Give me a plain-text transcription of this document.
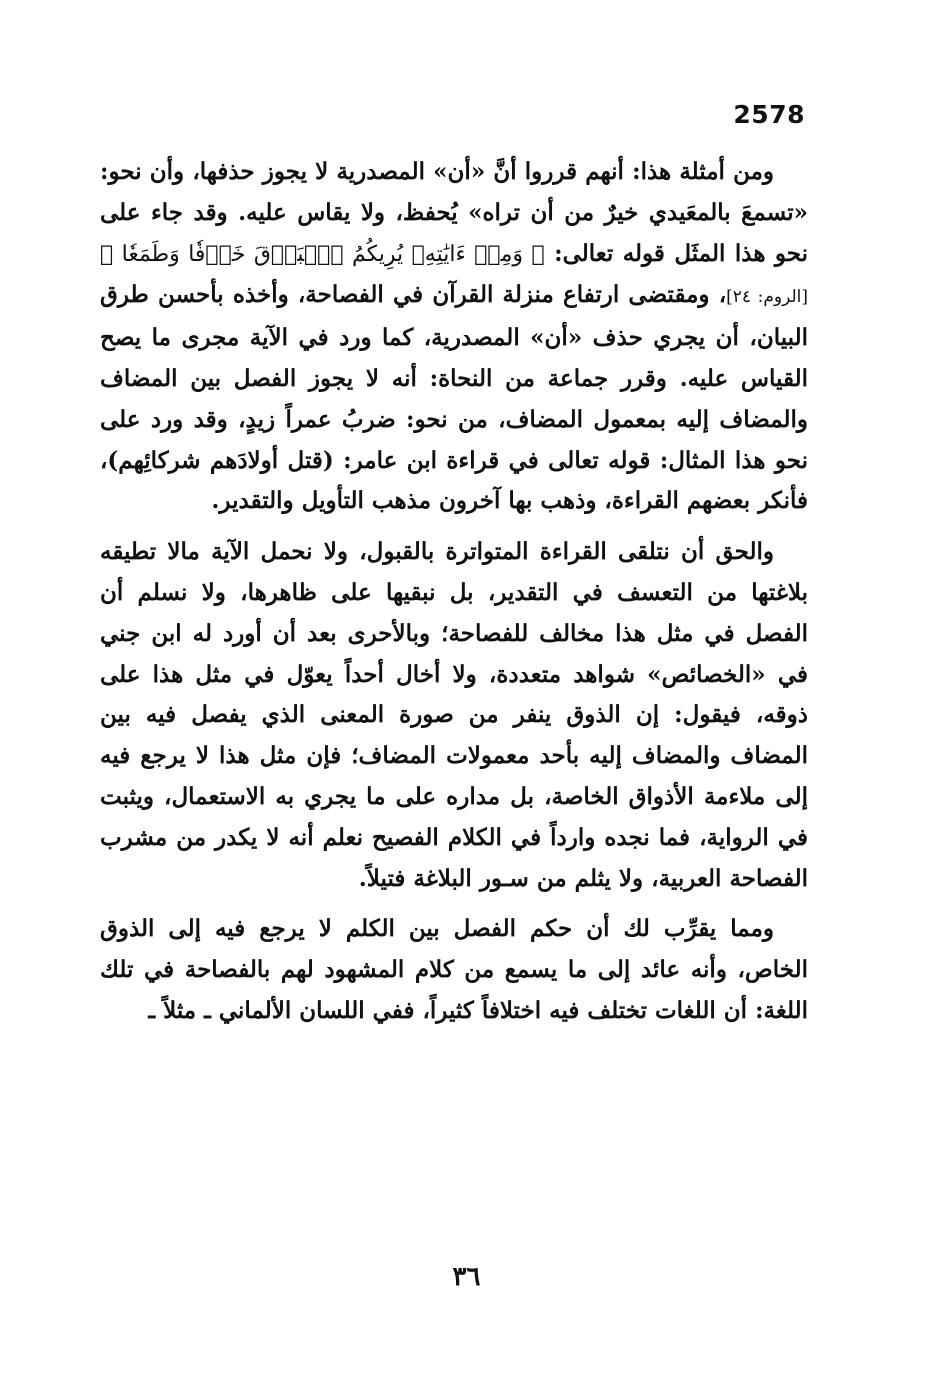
2578

ومن أمثلة هذا: أنهم قرروا أنَّ «أن» المصدرية لا يجوز حذفها، وأن نحو: «تسمعَ بالمعَيدي خيرٌ من أن تراه» يُحفظ، ولا يقاس عليه. وقد جاء على نحو هذا المثَل قوله تعالى: ﴿ وَمِنۡ ءَايَٰتِهِۦ يُرِيكُمُ ٱلۡبَرۡقَ خَوۡفٗا وَطَمَعٗا ﴾[الروم: ٢٤]، ومقتضى ارتفاع منزلة القرآن في الفصاحة، وأخذه بأحسن طرق البيان، أن يجري حذف «أن» المصدرية، كما ورد في الآية مجرى ما يصح القياس عليه. وقرر جماعة من النحاة: أنه لا يجوز الفصل بين المضاف والمضاف إليه بمعمول المضاف، من نحو: ضربُ عمراً زيدٍ، وقد ورد على نحو هذا المثال: قوله تعالى في قراءة ابن عامر: (قتل أولادَهم شركائِهم)، فأنكر بعضهم القراءة، وذهب بها آخرون مذهب التأويل والتقدير.

والحق أن نتلقى القراءة المتواترة بالقبول، ولا نحمل الآية مالا تطيقه بلاغتها من التعسف في التقدير، بل نبقيها على ظاهرها، ولا نسلم أن الفصل في مثل هذا مخالف للفصاحة؛ وبالأحرى بعد أن أورد له ابن جني في «الخصائص» شواهد متعددة، ولا أخال أحداً يعوّل في مثل هذا على ذوقه، فيقول: إن الذوق ينفر من صورة المعنى الذي يفصل فيه بين المضاف والمضاف إليه بأحد معمولات المضاف؛ فإن مثل هذا لا يرجع فيه إلى ملاءمة الأذواق الخاصة، بل مداره على ما يجري به الاستعمال، ويثبت في الرواية، فما نجده وارداً في الكلام الفصيح نعلم أنه لا يكدر من مشرب الفصاحة العربية، ولا يثلم من سـور البلاغة فتيلاً.

ومما يقرِّب لك أن حكم الفصل بين الكلم لا يرجع فيه إلى الذوق الخاص، وأنه عائد إلى ما يسمع من كلام المشهود لهم بالفصاحة في تلك اللغة: أن اللغات تختلف فيه اختلافاً كثيراً، ففي اللسان الألماني ـ مثلاً ـ

٣٦
